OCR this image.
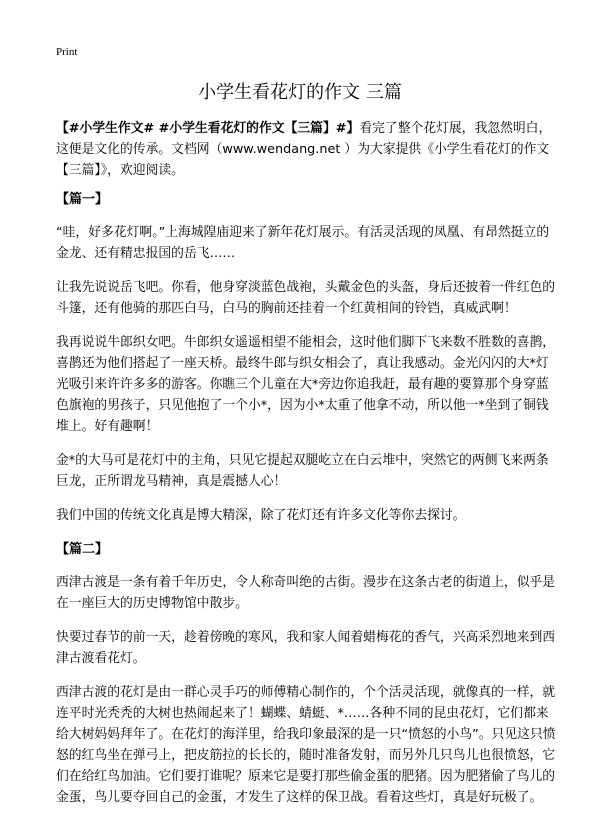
Print
小学生看花灯的作文 三篇

【#小学生作文# #小学生看花灯的作文【三篇】#】看完了整个花灯展，我忽然明白，这便是文化的传承。文档网（www.wendang.net ）为大家提供《小学生看花灯的作文【三篇】》，欢迎阅读。

【篇一】

“哇，好多花灯啊。”上海城隍庙迎来了新年花灯展示。有活灵活现的凤凰、有昂然挺立的金龙、还有精忠报国的岳飞……

让我先说说岳飞吧。你看，他身穿淡蓝色战袍，头戴金色的头盔，身后还披着一件红色的斗篷，还有他骑的那匹白马，白马的胸前还挂着一个红黄相间的铃铛，真威武啊！

我再说说牛郎织女吧。牛郎织女遥遥相望不能相会，这时他们脚下飞来数不胜数的喜鹊，喜鹊还为他们搭起了一座天桥。最终牛郎与织女相会了，真让我感动。金光闪闪的大*灯光吸引来许许多多的游客。你瞧三个儿童在大*旁边你追我赶，最有趣的要算那个身穿蓝色旗袍的男孩子，只见他抱了一个小*，因为小*太重了他拿不动，所以他一*坐到了铜钱堆上。好有趣啊！

金*的大马可是花灯中的主角，只见它提起双腿屹立在白云堆中，突然它的两侧飞来两条巨龙，正所谓龙马精神，真是震撼人心！

我们中国的传统文化真是博大精深，除了花灯还有许多文化等你去探讨。

【篇二】

西津古渡是一条有着千年历史，令人称奇叫绝的古街。漫步在这条古老的街道上，似乎是在一座巨大的历史博物馆中散步。

快要过春节的前一天，趁着傍晚的寒风，我和家人闻着蜡梅花的香气，兴高采烈地来到西津古渡看花灯。

西津古渡的花灯是由一群心灵手巧的师傅精心制作的，个个活灵活现，就像真的一样，就连平时光秃秃的大树也热闹起来了！蝴蝶、蜻蜓、*……各种不同的昆虫花灯，它们都来给大树妈妈拜年了。在花灯的海洋里，给我印象最深的是一只“愤怒的小鸟”。只见这只愤怒的红鸟坐在弹弓上，把皮筋拉的长长的，随时准备发射，而另外几只鸟儿也很愤怒，它们在给红鸟加油。它们要打谁呢？原来它是要打那些偷金蛋的肥猪。因为肥猪偷了鸟儿的金蛋，鸟儿要夺回自己的金蛋，才发生了这样的保卫战。看着这些灯，真是好玩极了。
